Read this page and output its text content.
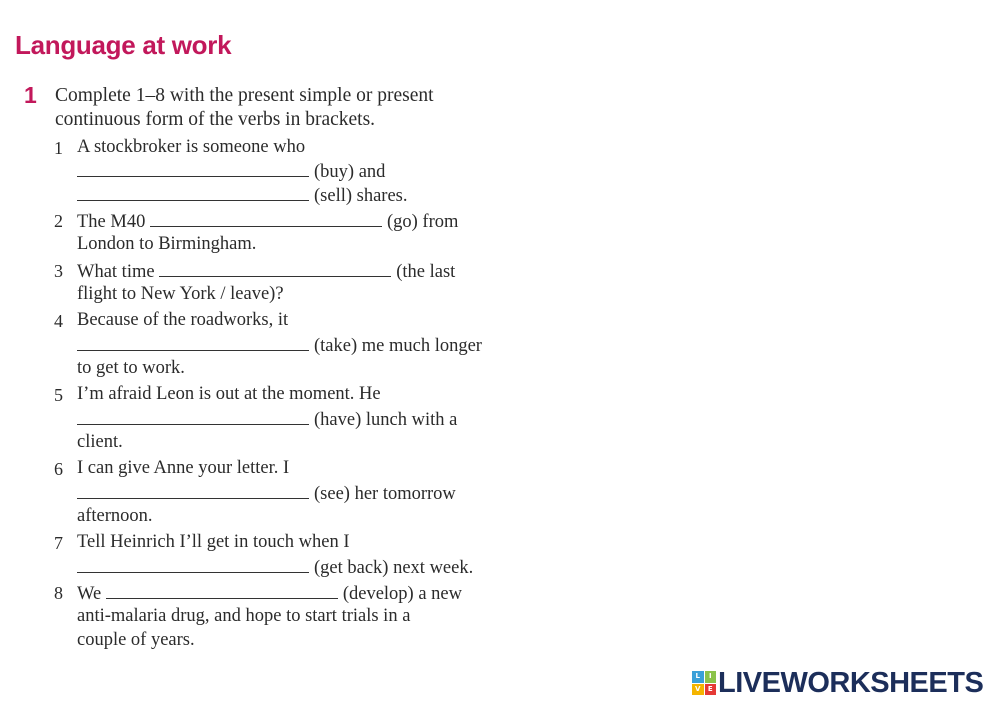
Language at work
1 Complete 1–8 with the present simple or present
continuous form of the verbs in brackets.
1 A stockbroker is someone who
(buy) and
(sell) shares.
2 The M40	(go) from
London to Birmingham.
3 What time	(the last
flight to New York / leave)?
4 Because of the roadworks, it
(take) me much longer
to get to work.
5 I’m afraid Leon is out at the moment. He
(have) lunch with a
client.
6 I can give Anne your letter. I
(see) her tomorrow
afternoon.
7 Tell Heinrich I’ll get in touch when I
(get back) next week.
8 We	(develop) a new
anti-malaria drug, and hope to start trials in a
couple of years.
L	I
V	E LIVEWORKSHEETS
